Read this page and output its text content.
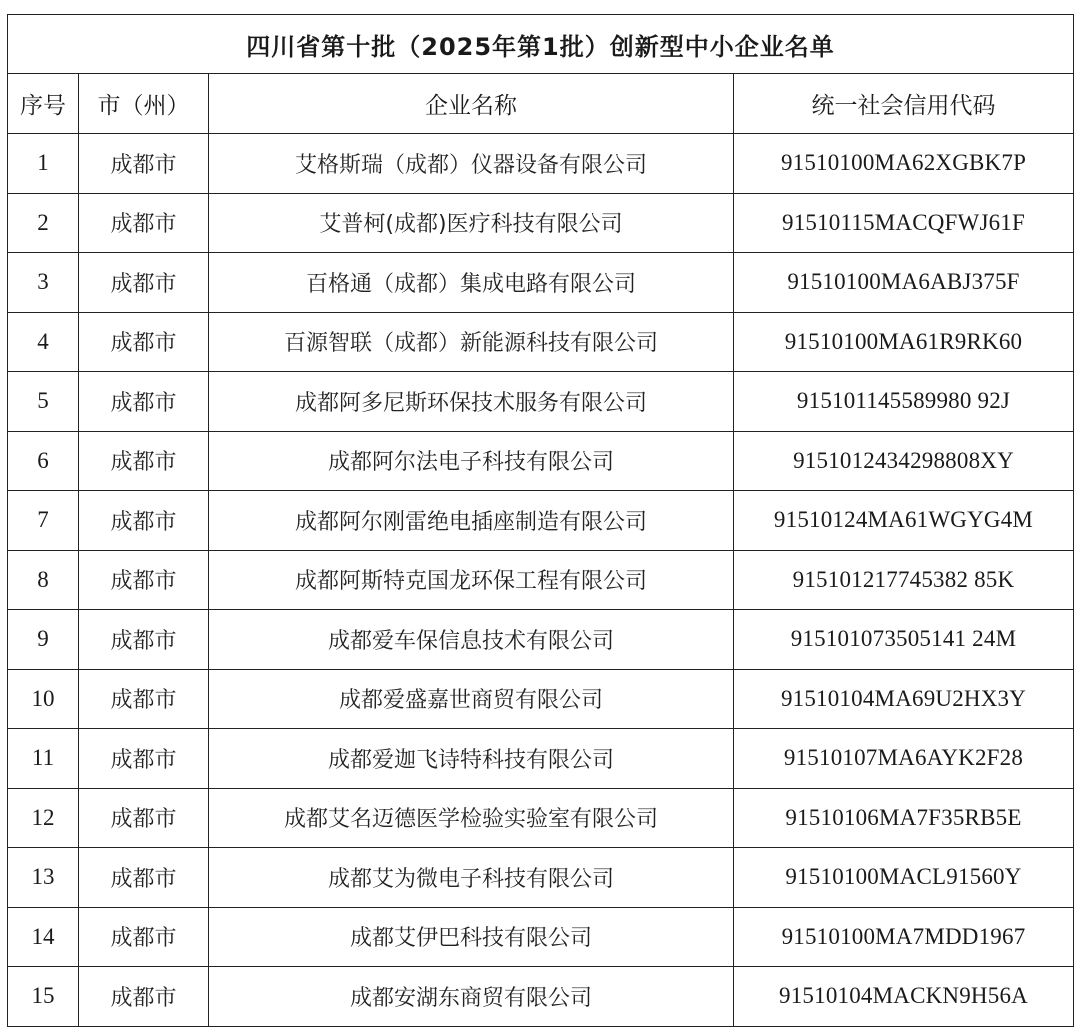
四川省第十批（2025年第1批）创新型中小企业名单			
序号	市（州）	企业名称	统一社会信用代码
1	成都市	艾格斯瑞（成都）仪器设备有限公司	91510100MA62XGBK7P
2	成都市	艾普柯(成都)医疗科技有限公司	91510115MACQFWJ61F
3	成都市	百格通（成都）集成电路有限公司	91510100MA6ABJ375F
4	成都市	百源智联（成都）新能源科技有限公司	91510100MA61R9RK60
5	成都市	成都阿多尼斯环保技术服务有限公司	915101145589980 92J
6	成都市	成都阿尔法电子科技有限公司	9151012434298808XY
7	成都市	成都阿尔刚雷绝电插座制造有限公司	91510124MA61WGYG4M
8	成都市	成都阿斯特克国龙环保工程有限公司	915101217745382 85K
9	成都市	成都爱车保信息技术有限公司	915101073505141 24M
10	成都市	成都爱盛嘉世商贸有限公司	91510104MA69U2HX3Y
11	成都市	成都爱迦飞诗特科技有限公司	91510107MA6AYK2F28
12	成都市	成都艾名迈德医学检验实验室有限公司	91510106MA7F35RB5E
13	成都市	成都艾为微电子科技有限公司	91510100MACL91560Y
14	成都市	成都艾伊巴科技有限公司	91510100MA7MDD1967
15	成都市	成都安湖东商贸有限公司	91510104MACKN9H56A
